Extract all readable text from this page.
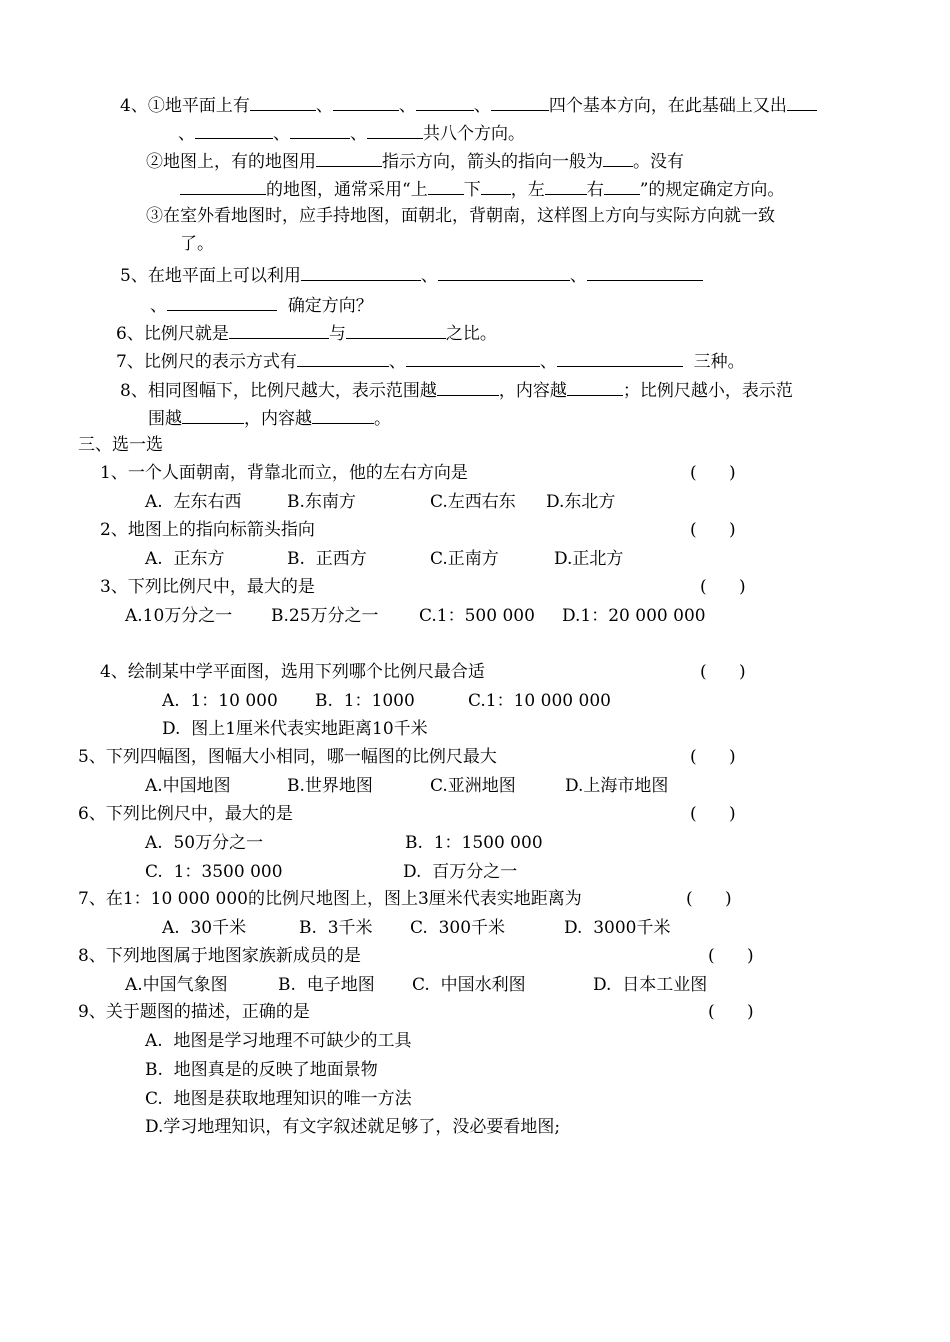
4、①地平面上有	、	、	、	四个基本方向，在此基础上又出
、	、	、	共八个方向。
②地图上，有的地图用	指示方向，箭头的指向一般为 。没有
的地图，通常采用“上 下 ，左 右 ”的规定确定方向。
③在室外看地图时，应手持地图，面朝北，背朝南，这样图上方向与实际方向就一致
了。
5、在地平面上可以利用	、	、
、	确定方向？
6、比例尺就是	与	之比。
7、比例尺的表示方式有	、	、	三种。
8、相同图幅下，比例尺越大，表示范围越	，内容越	；比例尺越小，表示范
围越	，内容越	。
三、选一选
1、一个人面朝南，背靠北而立，他的左右方向是	(      )
A.  左东右西	B.东南方	C.左西右东 D.东北方
2、地图上的指向标箭头指向	(      )
A.  正东方	B.  正西方	C.正南方	D.正北方
3、下列比例尺中，最大的是	(      )
A.10万分之一 B.25万分之一 C.1：500 000 D.1：20 000 000
4、绘制某中学平面图，选用下列哪个比例尺最合适	(      )
A.  1：10 000 B.  1：1000	C.1：10 000 000
D.  图上1厘米代表实地距离10千米
5、下列四幅图，图幅大小相同，哪一幅图的比例尺最大	(      )
A.中国地图	B.世界地图	C.亚洲地图	D.上海市地图
6、下列比例尺中，最大的是	(      )
A.  50万分之一	B.  1：1500 000
C.  1：3500 000	D.  百万分之一
7、在1：10 000 000的比例尺地图上，图上3厘米代表实地距离为	(      )
A.  30千米	B.  3千米 C.  300千米	D.  3000千米
8、下列地图属于地图家族新成员的是	(      )
A.中国气象图	B.  电子地图 C.  中国水利图	D.  日本工业图
9、关于题图的描述，正确的是	(      )
A.  地图是学习地理不可缺少的工具
B.  地图真是的反映了地面景物
C.  地图是获取地理知识的唯一方法
D.学习地理知识，有文字叙述就足够了，没必要看地图;
